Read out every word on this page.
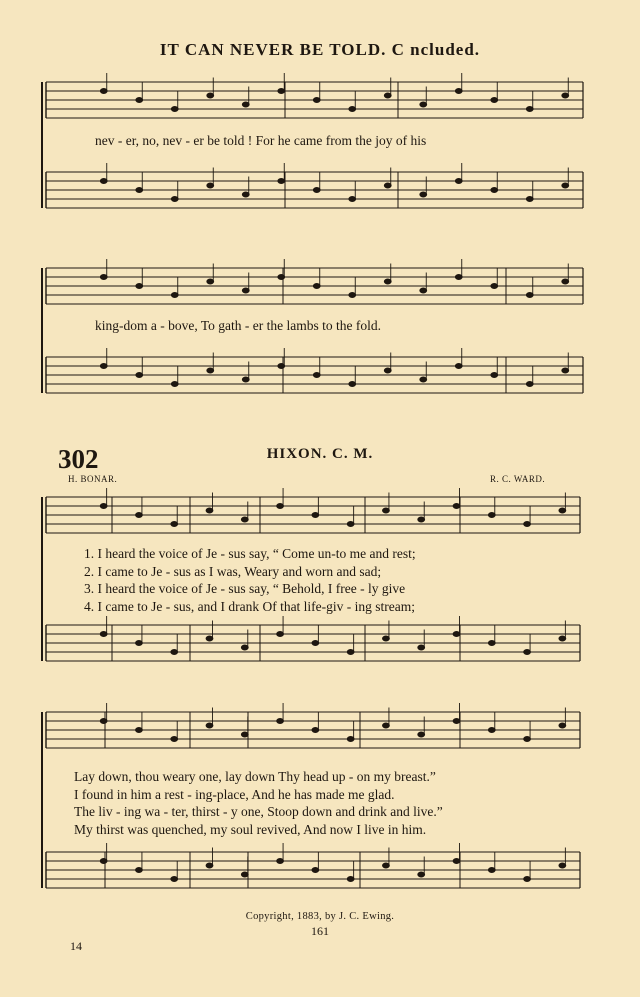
IT CAN NEVER BE TOLD. C ncluded.
nev - er, no, nev - er be told ! For he came from the joy of his
king-dom a - bove, To gath - er the lambs to the fold.
302	HIXON. C. M.
H. BONAR.	R. C. WARD.
1. I heard the voice of Je - sus say, “ Come un-to me and rest;
2. I came to Je - sus as I was, Weary and worn and sad;
3. I heard the voice of Je - sus say, “ Behold, I free - ly give
4. I came to Je - sus, and I drank Of that life-giv - ing stream;
Lay down, thou weary one, lay down Thy head up - on my breast.”
I found in him a rest - ing-place, And he has made me glad.
The liv - ing wa - ter, thirst - y one, Stoop down and drink and live.”
My thirst was quenched, my soul revived, And now I live in him.
Copyright, 1883, by J. C. Ewing.
161
14
